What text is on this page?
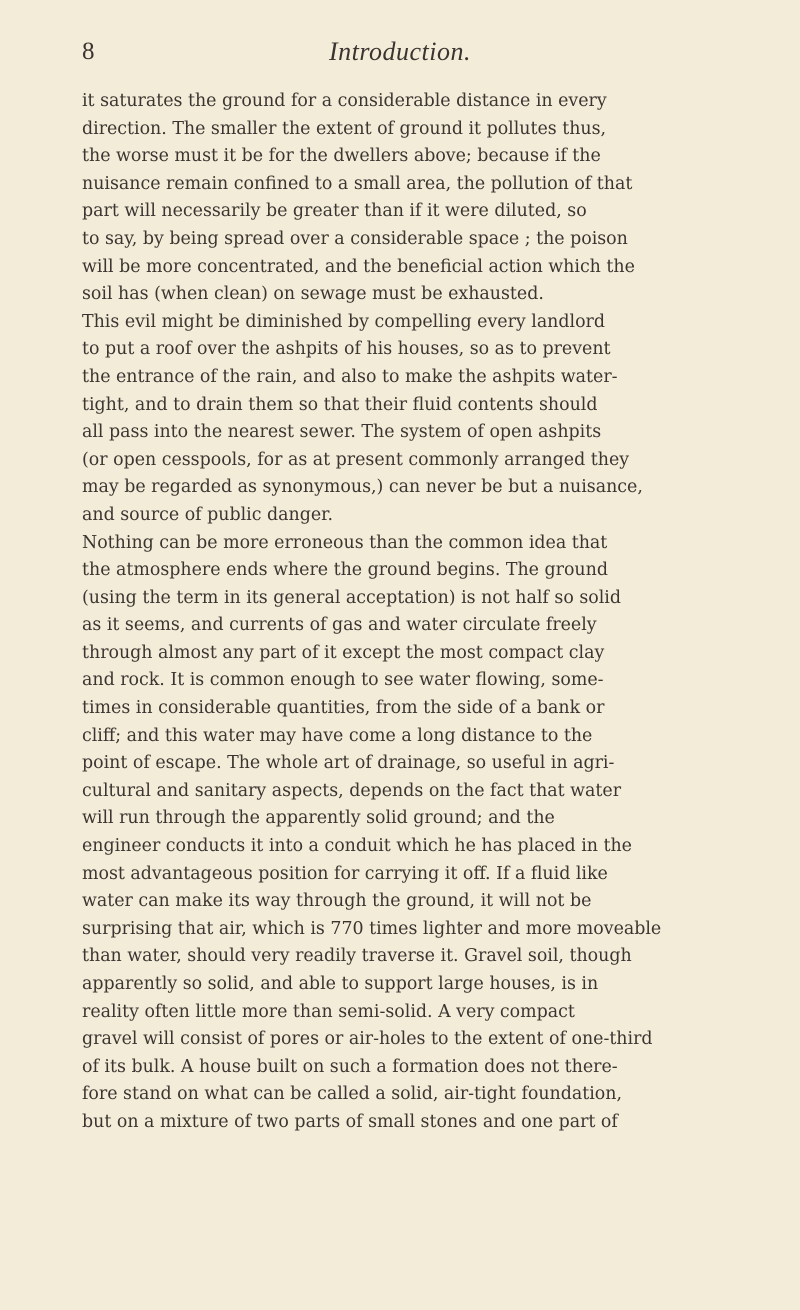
8	Introduction.
it saturates the ground for a considerable distance in every
direction. The smaller the extent of ground it pollutes thus,
the worse must it be for the dwellers above; because if the
nuisance remain confined to a small area, the pollution of that
part will necessarily be greater than if it were diluted, so
to say, by being spread over a considerable space ; the poison
will be more concentrated, and the beneficial action which the
soil has (when clean) on sewage must be exhausted.
This evil might be diminished by compelling every landlord
to put a roof over the ashpits of his houses, so as to prevent
the entrance of the rain, and also to make the ashpits water-
tight, and to drain them so that their fluid contents should
all pass into the nearest sewer. The system of open ashpits
(or open cesspools, for as at present commonly arranged they
may be regarded as synonymous,) can never be but a nuisance,
and source of public danger.
Nothing can be more erroneous than the common idea that
the atmosphere ends where the ground begins. The ground
(using the term in its general acceptation) is not half so solid
as it seems, and currents of gas and water circulate freely
through almost any part of it except the most compact clay
and rock. It is common enough to see water flowing, some-
times in considerable quantities, from the side of a bank or
cliff; and this water may have come a long distance to the
point of escape. The whole art of drainage, so useful in agri-
cultural and sanitary aspects, depends on the fact that water
will run through the apparently solid ground; and the
engineer conducts it into a conduit which he has placed in the
most advantageous position for carrying it off. If a fluid like
water can make its way through the ground, it will not be
surprising that air, which is 770 times lighter and more moveable
than water, should very readily traverse it. Gravel soil, though
apparently so solid, and able to support large houses, is in
reality often little more than semi-solid. A very compact
gravel will consist of pores or air-holes to the extent of one-third
of its bulk. A house built on such a formation does not there-
fore stand on what can be called a solid, air-tight foundation,
but on a mixture of two parts of small stones and one part of
